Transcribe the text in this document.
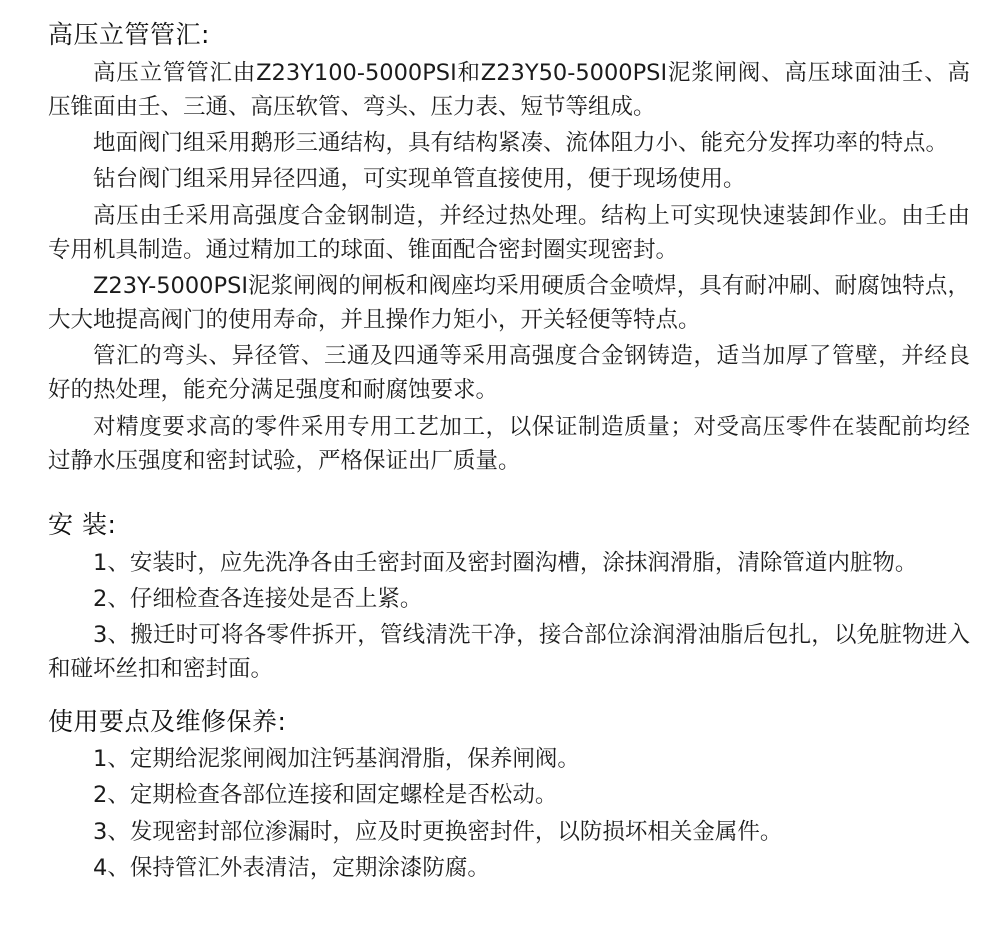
高压立管管汇:

高压立管管汇由Z23Y100-5000PSI和Z23Y50-5000PSI泥浆闸阀、高压球面油壬、高压锥面由壬、三通、高压软管、弯头、压力表、短节等组成。

地面阀门组采用鹅形三通结构，具有结构紧凑、流体阻力小、能充分发挥功率的特点。

钻台阀门组采用异径四通，可实现单管直接使用，便于现场使用。

高压由壬采用高强度合金钢制造，并经过热处理。结构上可实现快速装卸作业。由壬由专用机具制造。通过精加工的球面、锥面配合密封圈实现密封。

Z23Y-5000PSI泥浆闸阀的闸板和阀座均采用硬质合金喷焊，具有耐冲刷、耐腐蚀特点，大大地提高阀门的使用寿命，并且操作力矩小，开关轻便等特点。

管汇的弯头、异径管、三通及四通等采用高强度合金钢铸造，适当加厚了管壁，并经良好的热处理，能充分满足强度和耐腐蚀要求。

对精度要求高的零件采用专用工艺加工，以保证制造质量；对受高压零件在装配前均经过静水压强度和密封试验，严格保证出厂质量。

安 装:

1、安装时，应先洗净各由壬密封面及密封圈沟槽，涂抹润滑脂，清除管道内脏物。

2、仔细检查各连接处是否上紧。

3、搬迁时可将各零件拆开，管线清洗干净，接合部位涂润滑油脂后包扎，以免脏物进入和碰坏丝扣和密封面。

使用要点及维修保养:

1、定期给泥浆闸阀加注钙基润滑脂，保养闸阀。

2、定期检查各部位连接和固定螺栓是否松动。

3、发现密封部位渗漏时，应及时更换密封件，以防损坏相关金属件。

4、保持管汇外表清洁，定期涂漆防腐。
